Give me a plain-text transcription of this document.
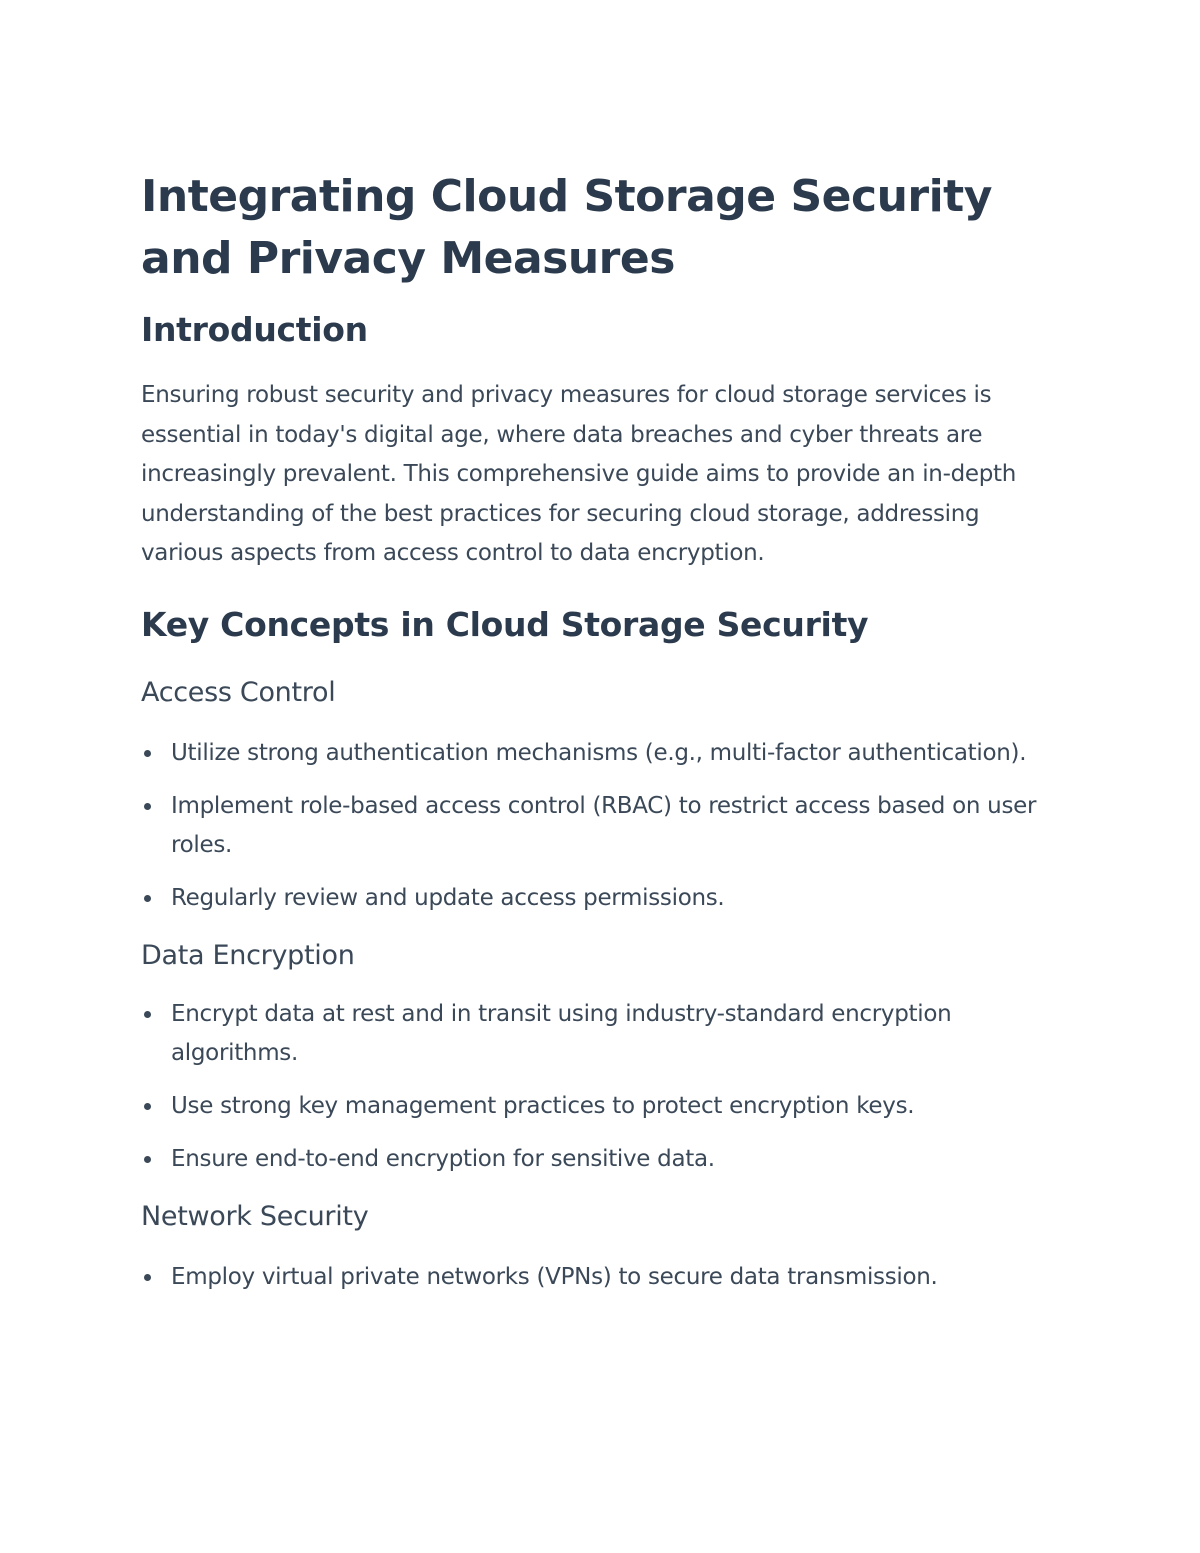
Integrating Cloud Storage Security and Privacy Measures
Introduction

Ensuring robust security and privacy measures for cloud storage services is essential in today's digital age, where data breaches and cyber threats are increasingly prevalent. This comprehensive guide aims to provide an in-depth understanding of the best practices for securing cloud storage, addressing various aspects from access control to data encryption.

Key Concepts in Cloud Storage Security
Access Control
Utilize strong authentication mechanisms (e.g., multi-factor authentication).
Implement role-based access control (RBAC) to restrict access based on user roles.
Regularly review and update access permissions.
Data Encryption
Encrypt data at rest and in transit using industry-standard encryption algorithms.
Use strong key management practices to protect encryption keys.
Ensure end-to-end encryption for sensitive data.
Network Security
Employ virtual private networks (VPNs) to secure data transmission.
